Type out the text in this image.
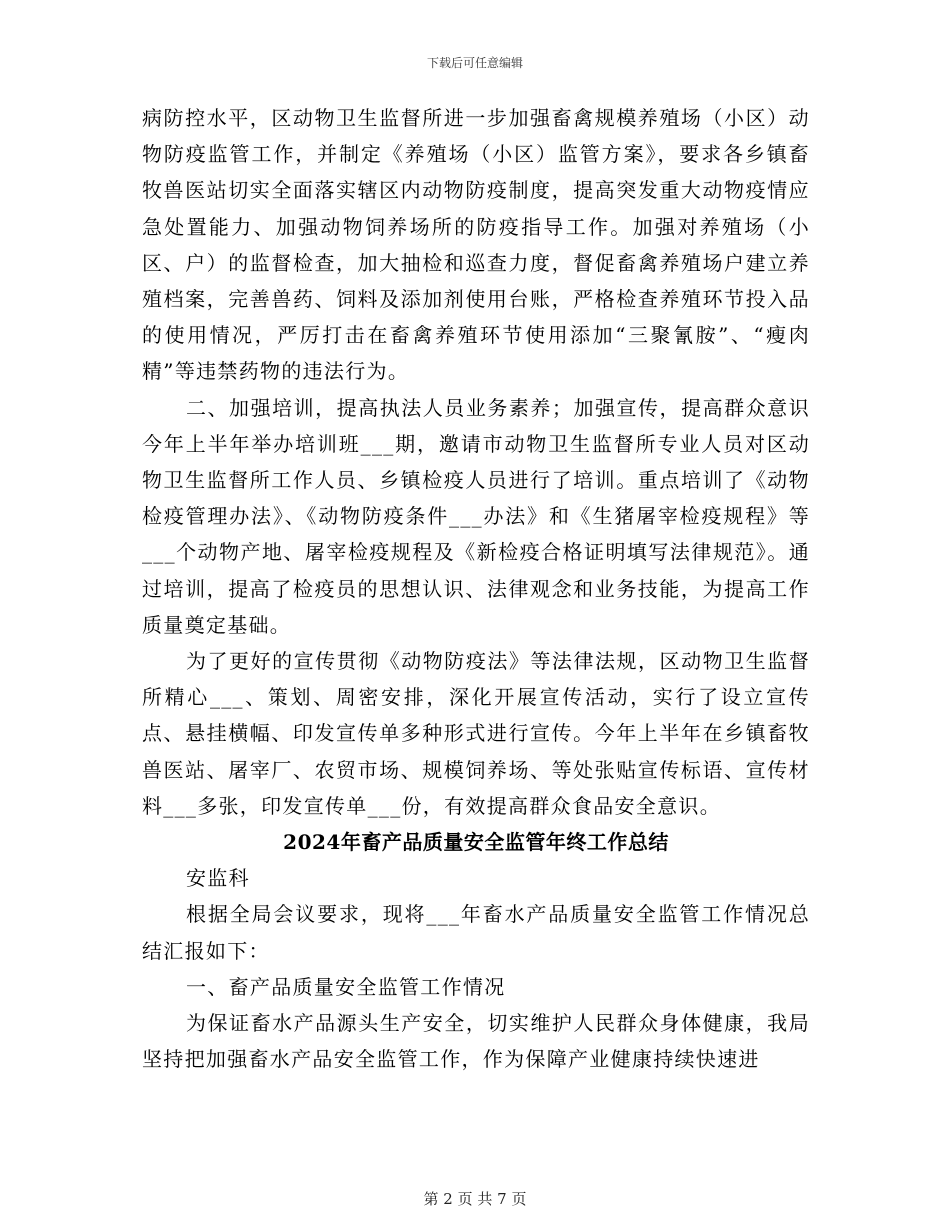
下载后可任意编辑

病防控水平，区动物卫生监督所进一步加强畜禽规模养殖场（小区）动物防疫监管工作，并制定《养殖场（小区）监管方案》，要求各乡镇畜牧兽医站切实全面落实辖区内动物防疫制度，提高突发重大动物疫情应急处置能力、加强动物饲养场所的防疫指导工作。加强对养殖场（小区、户）的监督检查，加大抽检和巡查力度，督促畜禽养殖场户建立养殖档案，完善兽药、饲料及添加剂使用台账，严格检查养殖环节投入品的使用情况，严厉打击在畜禽养殖环节使用添加“三聚氰胺”、“瘦肉精”等违禁药物的违法行为。

二、加强培训，提高执法人员业务素养；加强宣传，提高群众意识今年上半年举办培训班___期，邀请市动物卫生监督所专业人员对区动物卫生监督所工作人员、乡镇检疫人员进行了培训。重点培训了《动物检疫管理办法》、《动物防疫条件___办法》和《生猪屠宰检疫规程》等___个动物产地、屠宰检疫规程及《新检疫合格证明填写法律规范》。通过培训，提高了检疫员的思想认识、法律观念和业务技能，为提高工作质量奠定基础。

为了更好的宣传贯彻《动物防疫法》等法律法规，区动物卫生监督所精心___、策划、周密安排，深化开展宣传活动，实行了设立宣传点、悬挂横幅、印发宣传单多种形式进行宣传。今年上半年在乡镇畜牧兽医站、屠宰厂、农贸市场、规模饲养场、等处张贴宣传标语、宣传材料___多张，印发宣传单___份，有效提高群众食品安全意识。

2024年畜产品质量安全监管年终工作总结

安监科

根据全局会议要求，现将___年畜水产品质量安全监管工作情况总结汇报如下：

一、畜产品质量安全监管工作情况

为保证畜水产品源头生产安全，切实维护人民群众身体健康，我局坚持把加强畜水产品安全监管工作，作为保障产业健康持续快速进

第 2 页 共 7 页
